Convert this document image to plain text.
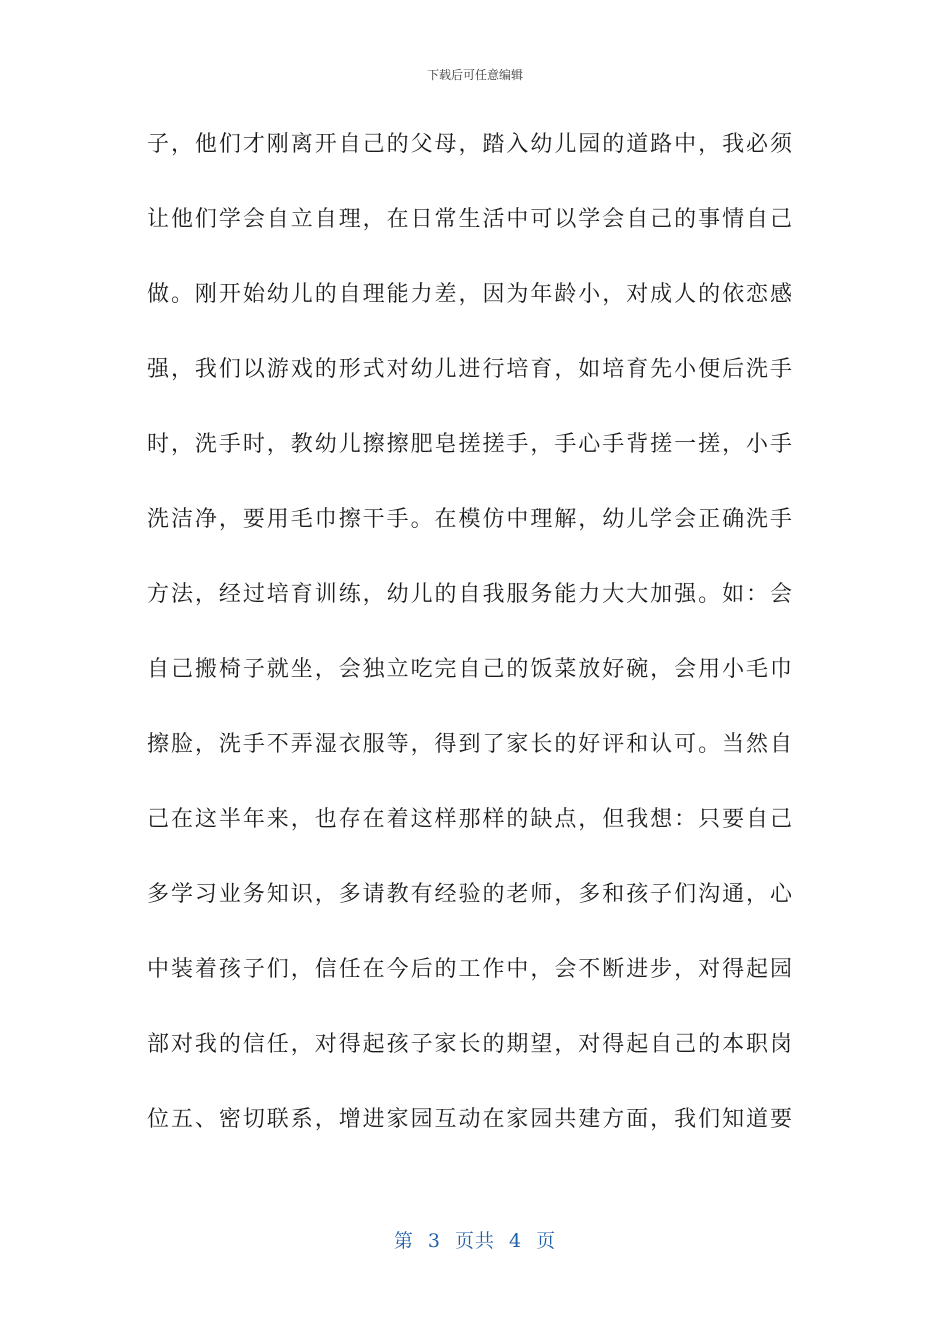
下载后可任意编辑
子，他们才刚离开自己的父母，踏入幼儿园的道路中，我必须
让他们学会自立自理，在日常生活中可以学会自己的事情自己
做。刚开始幼儿的自理能力差，因为年龄小，对成人的依恋感
强，我们以游戏的形式对幼儿进行培育，如培育先小便后洗手
时，洗手时，教幼儿擦擦肥皂搓搓手，手心手背搓一搓，小手
洗洁净，要用毛巾擦干手。在模仿中理解，幼儿学会正确洗手
方法，经过培育训练，幼儿的自我服务能力大大加强。如：会
自己搬椅子就坐，会独立吃完自己的饭菜放好碗，会用小毛巾
擦脸，洗手不弄湿衣服等，得到了家长的好评和认可。当然自
己在这半年来，也存在着这样那样的缺点，但我想：只要自己
多学习业务知识，多请教有经验的老师，多和孩子们沟通，心
中装着孩子们，信任在今后的工作中，会不断进步，对得起园
部对我的信任，对得起孩子家长的期望，对得起自己的本职岗
位五、密切联系，增进家园互动在家园共建方面，我们知道要
第 3 页共 4 页
